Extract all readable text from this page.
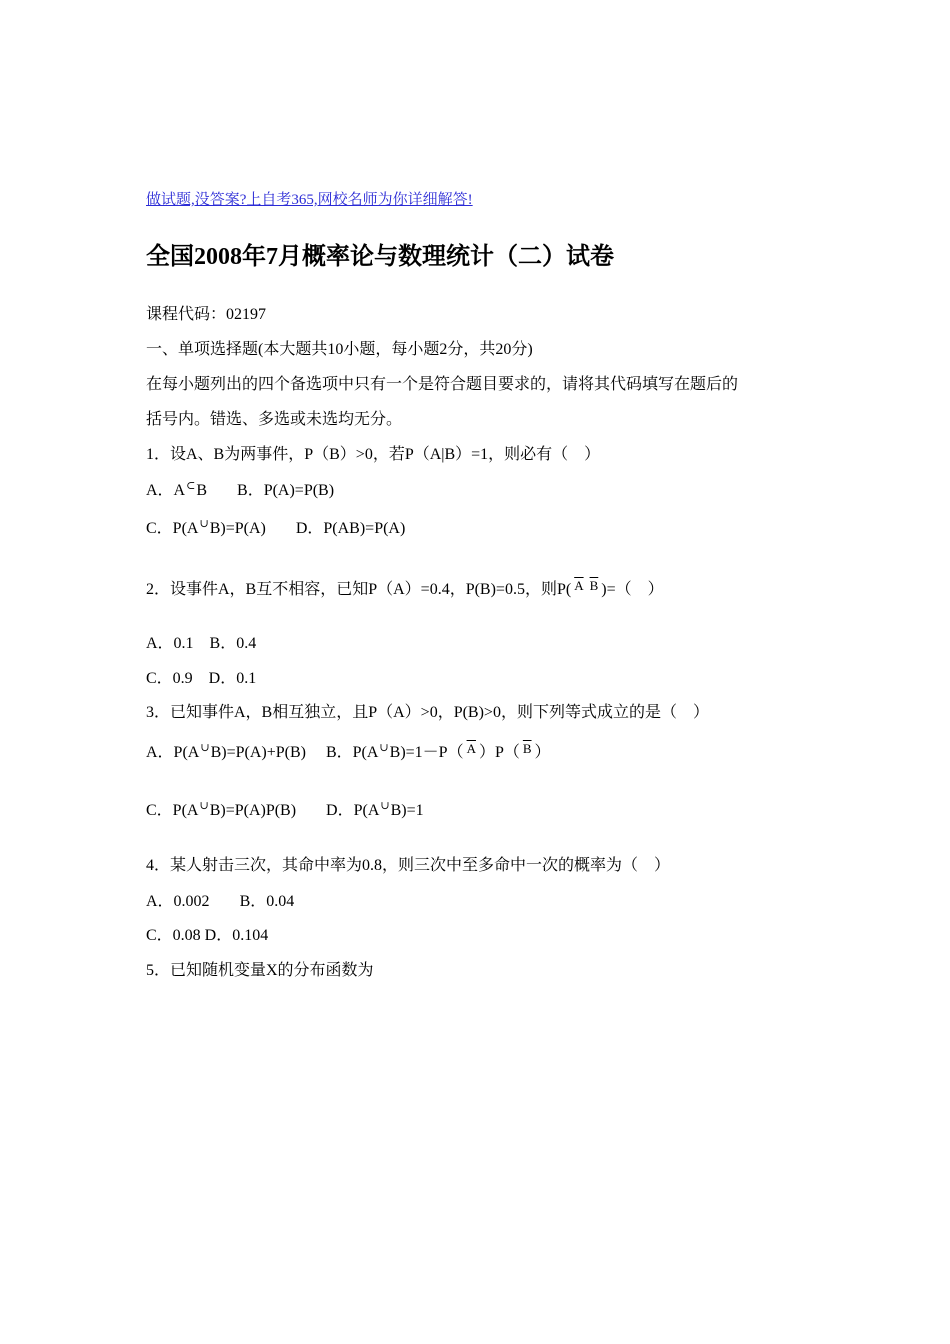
做试题,没答案?上自考365,网校名师为你详细解答!
全国2008年7月概率论与数理统计（二）试卷
课程代码：02197
一、单项选择题(本大题共10小题，每小题2分，共20分)
在每小题列出的四个备选项中只有一个是符合题目要求的，请将其代码填写在题后的
括号内。错选、多选或未选均无分。
1．设A、B为两事件，P（B）>0，若P（A|B）=1，则必有（　）
A．A⊂B B．P(A)=P(B)
C．P(A∪B)=P(A) D．P(AB)=P(A)
2．设事件A，B互不相容，已知P（A）=0.4，P(B)=0.5，则P( $\overline{A}$ $\overline{B}$ )=（　）
A．0.1　B．0.4
C．0.9　D．0.1
3．已知事件A，B相互独立，且P（A）>0，P(B)>0，则下列等式成立的是（　）
A．P(A∪B)=P(A)+P(B) B．P(A∪B)=1－P（ $\overline{A}$ ）P（ $\overline{B}$ ）
C．P(A∪B)=P(A)P(B) D．P(A∪B)=1
4．某人射击三次，其命中率为0.8，则三次中至多命中一次的概率为（　）
A．0.002 B．0.04
C．0.08 D．0.104
5．已知随机变量X的分布函数为
